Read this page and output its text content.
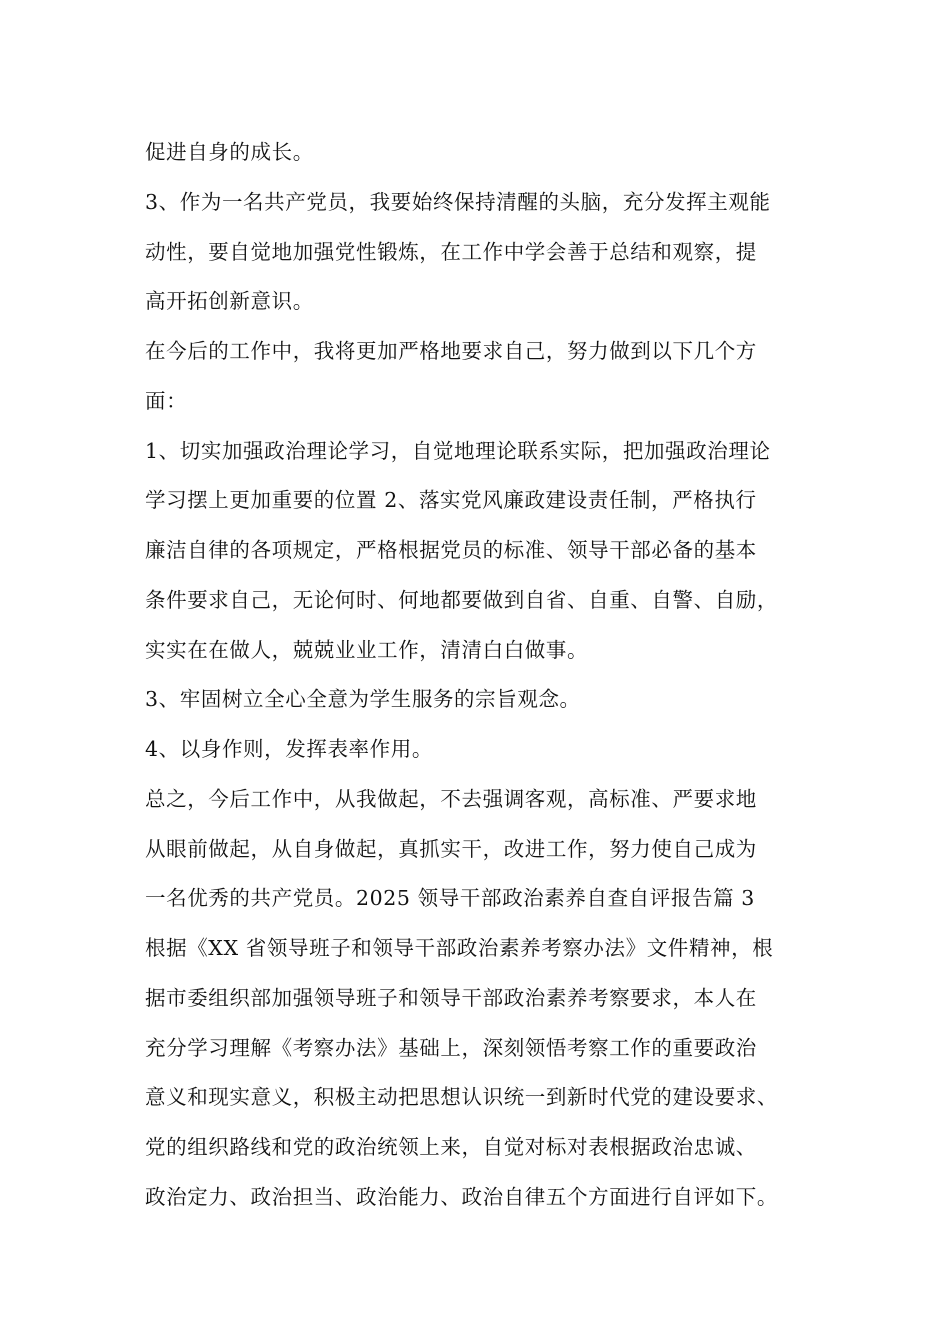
促进自身的成长。
3、作为一名共产党员，我要始终保持清醒的头脑，充分发挥主观能
动性，要自觉地加强党性锻炼，在工作中学会善于总结和观察，提
高开拓创新意识。
在今后的工作中，我将更加严格地要求自己，努力做到以下几个方
面：
1、切实加强政治理论学习，自觉地理论联系实际，把加强政治理论
学习摆上更加重要的位置 2、落实党风廉政建设责任制，严格执行
廉洁自律的各项规定，严格根据党员的标准、领导干部必备的基本
条件要求自己，无论何时、何地都要做到自省、自重、自警、自励，
实实在在做人，兢兢业业工作，清清白白做事。
3、牢固树立全心全意为学生服务的宗旨观念。
4、以身作则，发挥表率作用。
总之，今后工作中，从我做起，不去强调客观，高标准、严要求地
从眼前做起，从自身做起，真抓实干，改进工作，努力使自己成为
一名优秀的共产党员。2025 领导干部政治素养自查自评报告篇 3
根据《XX 省领导班子和领导干部政治素养考察办法》文件精神，根
据市委组织部加强领导班子和领导干部政治素养考察要求，本人在
充分学习理解《考察办法》基础上，深刻领悟考察工作的重要政治
意义和现实意义，积极主动把思想认识统一到新时代党的建设要求、
党的组织路线和党的政治统领上来，自觉对标对表根据政治忠诚、
政治定力、政治担当、政治能力、政治自律五个方面进行自评如下。
